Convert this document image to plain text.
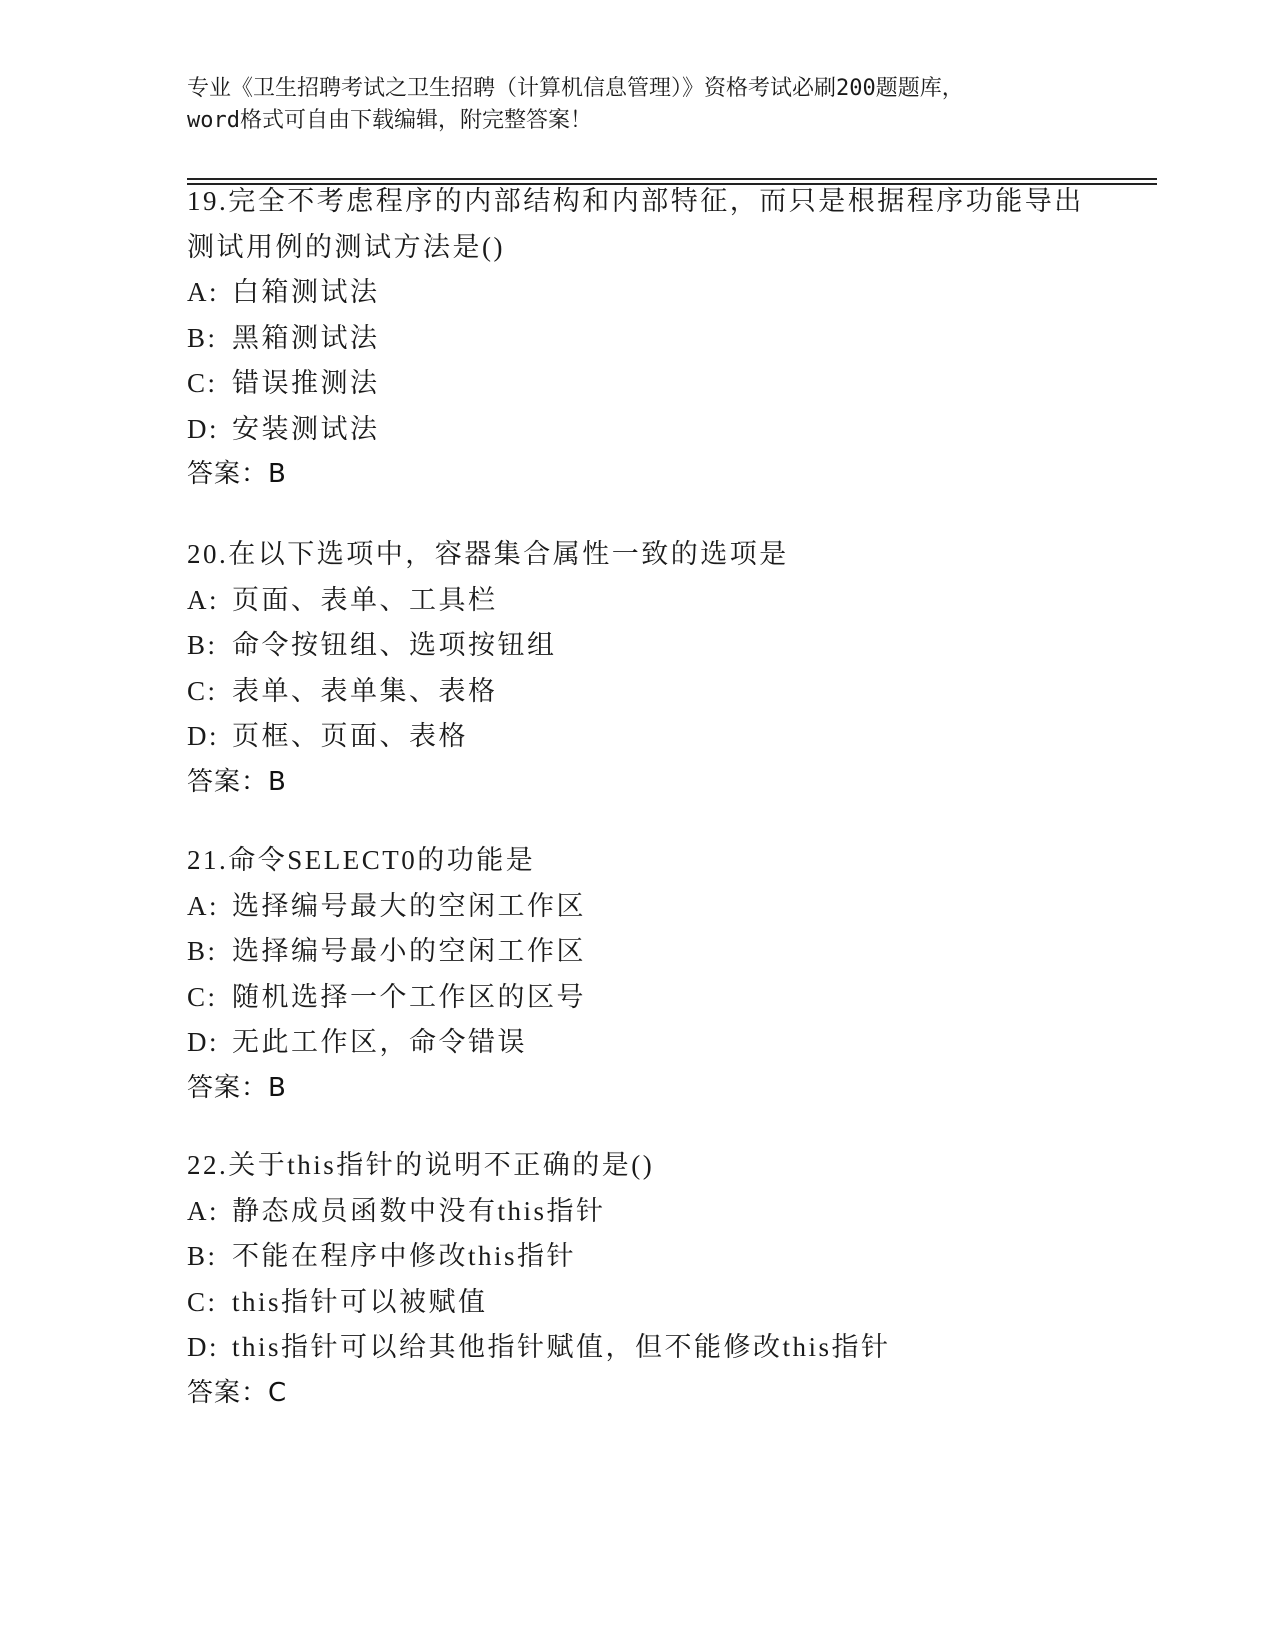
专业《卫生招聘考试之卫生招聘（计算机信息管理）》资格考试必刷200题题库，
word格式可自由下载编辑，附完整答案！
19.完全不考虑程序的内部结构和内部特征，而只是根据程序功能导出
测试用例的测试方法是()
A: 白箱测试法
B: 黑箱测试法
C: 错误推测法
D: 安装测试法
答案：B
20.在以下选项中，容器集合属性一致的选项是
A: 页面、表单、工具栏
B: 命令按钮组、选项按钮组
C: 表单、表单集、表格
D: 页框、页面、表格
答案：B
21.命令SELECT0的功能是
A: 选择编号最大的空闲工作区
B: 选择编号最小的空闲工作区
C: 随机选择一个工作区的区号
D: 无此工作区，命令错误
答案：B
22.关于this指针的说明不正确的是()
A: 静态成员函数中没有this指针
B: 不能在程序中修改this指针
C: this指针可以被赋值
D: this指针可以给其他指针赋值，但不能修改this指针
答案：C
